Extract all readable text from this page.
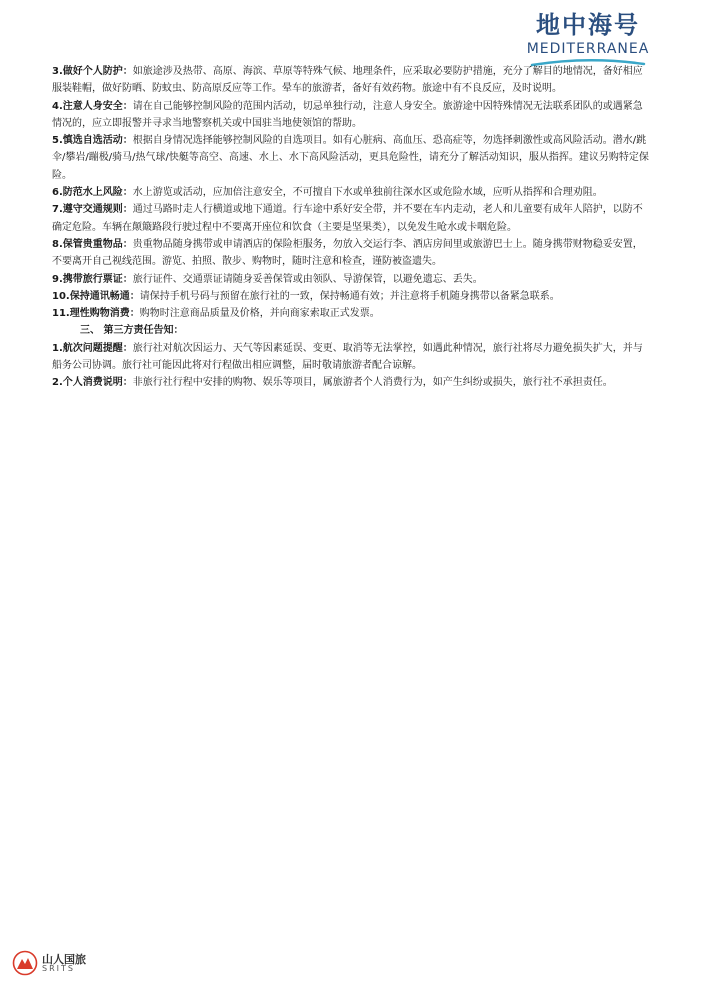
地中海号
MEDITERRANEA

3.做好个人防护：如旅途涉及热带、高原、海滨、草原等特殊气候、地理条件，应采取必要防护措施，充分了解目的地情况，备好相应服装鞋帽，做好防晒、防蚊虫、防高原反应等工作。晕车的旅游者，备好有效药物。旅途中有不良反应，及时说明。

4.注意人身安全：请在自己能够控制风险的范围内活动，切忌单独行动，注意人身安全。旅游途中因特殊情况无法联系团队的或遇紧急情况的，应立即报警并寻求当地警察机关或中国驻当地使领馆的帮助。

5.慎选自选活动：根据自身情况选择能够控制风险的自选项目。如有心脏病、高血压、恐高症等，勿选择刺激性或高风险活动。潜水/跳伞/攀岩/蹦极/骑马/热气球/快艇等高空、高速、水上、水下高风险活动，更具危险性，请充分了解活动知识，服从指挥。建议另购特定保险。

6.防范水上风险：水上游览或活动，应加倍注意安全，不可擅自下水或单独前往深水区或危险水域，应听从指挥和合理劝阻。

7.遵守交通规则：通过马路时走人行横道或地下通道。行车途中系好安全带，并不要在车内走动，老人和儿童要有成年人陪护，以防不确定危险。车辆在颠簸路段行驶过程中不要离开座位和饮食（主要是坚果类），以免发生呛水或卡咽危险。

8.保管贵重物品：贵重物品随身携带或申请酒店的保险柜服务，勿放入交运行李、酒店房间里或旅游巴士上。随身携带财物稳妥安置，不要离开自己视线范围。游览、拍照、散步、购物时，随时注意和检查，谨防被盗遗失。

9.携带旅行票证：旅行证件、交通票证请随身妥善保管或由领队、导游保管，以避免遗忘、丢失。

10.保持通讯畅通：请保持手机号码与预留在旅行社的一致，保持畅通有效；并注意将手机随身携带以备紧急联系。

11.理性购物消费：购物时注意商品质量及价格，并向商家索取正式发票。

三、 第三方责任告知：

1.航次问题提醒：旅行社对航次因运力、天气等因素延误、变更、取消等无法掌控，如遇此种情况，旅行社将尽力避免损失扩大，并与船务公司协调。旅行社可能因此将对行程做出相应调整，届时敬请旅游者配合谅解。

2.个人消费说明：非旅行社行程中安排的购物、娱乐等项目，属旅游者个人消费行为，如产生纠纷或损失，旅行社不承担责任。

山人国旅
SRITS
